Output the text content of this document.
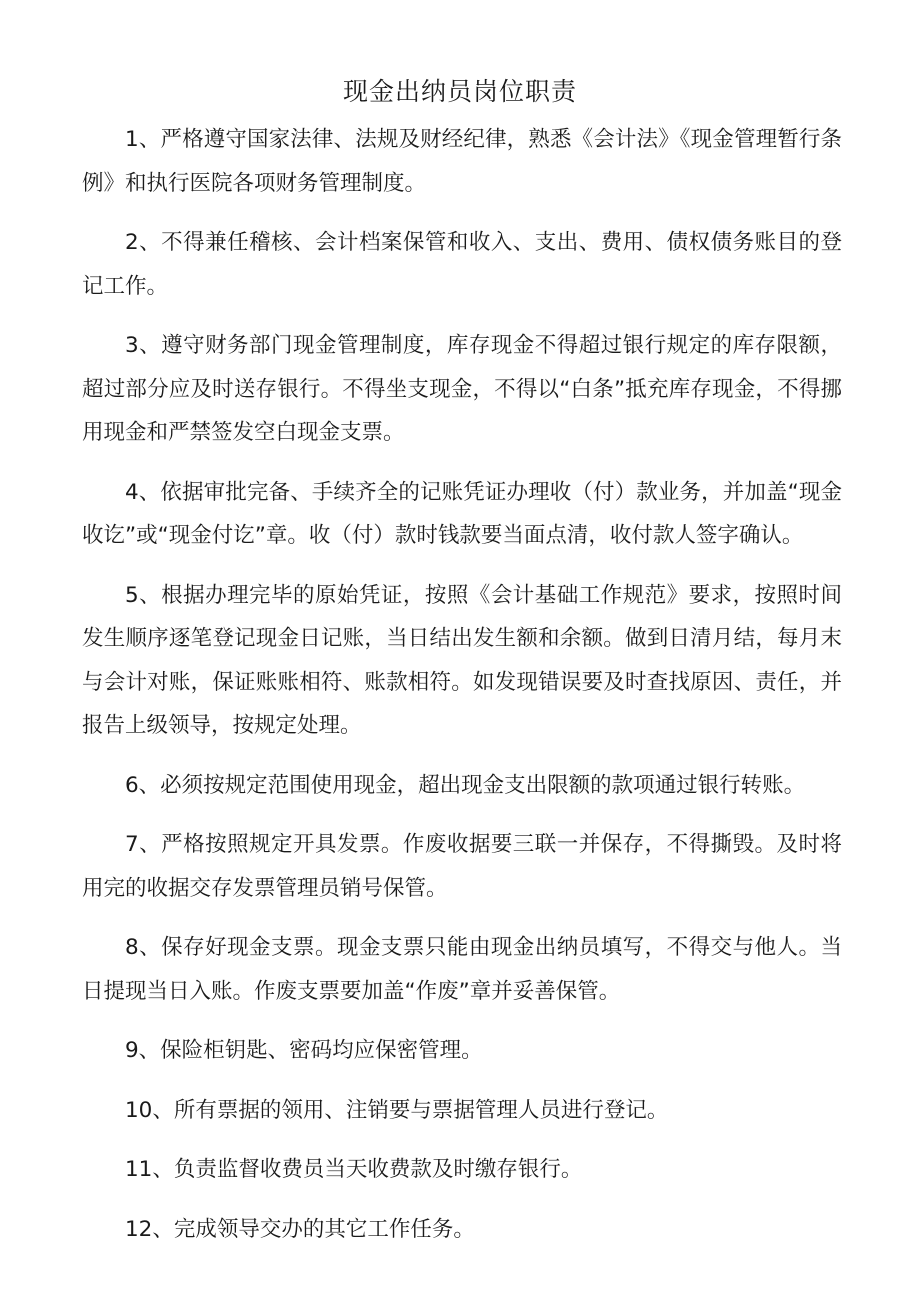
现金出纳员岗位职责

1、严格遵守国家法律、法规及财经纪律，熟悉《会计法》《现金管理暂行条例》和执行医院各项财务管理制度。

2、不得兼任稽核、会计档案保管和收入、支出、费用、债权债务账目的登记工作。

3、遵守财务部门现金管理制度，库存现金不得超过银行规定的库存限额，超过部分应及时送存银行。不得坐支现金，不得以“白条”抵充库存现金，不得挪用现金和严禁签发空白现金支票。

4、依据审批完备、手续齐全的记账凭证办理收（付）款业务，并加盖“现金收讫”或“现金付讫”章。收（付）款时钱款要当面点清，收付款人签字确认。

5、根据办理完毕的原始凭证，按照《会计基础工作规范》要求，按照时间发生顺序逐笔登记现金日记账，当日结出发生额和余额。做到日清月结，每月末与会计对账，保证账账相符、账款相符。如发现错误要及时查找原因、责任，并报告上级领导，按规定处理。

6、必须按规定范围使用现金，超出现金支出限额的款项通过银行转账。

7、严格按照规定开具发票。作废收据要三联一并保存，不得撕毁。及时将用完的收据交存发票管理员销号保管。

8、保存好现金支票。现金支票只能由现金出纳员填写，不得交与他人。当日提现当日入账。作废支票要加盖“作废”章并妥善保管。

9、保险柜钥匙、密码均应保密管理。

10、所有票据的领用、注销要与票据管理人员进行登记。

11、负责监督收费员当天收费款及时缴存银行。

12、完成领导交办的其它工作任务。
